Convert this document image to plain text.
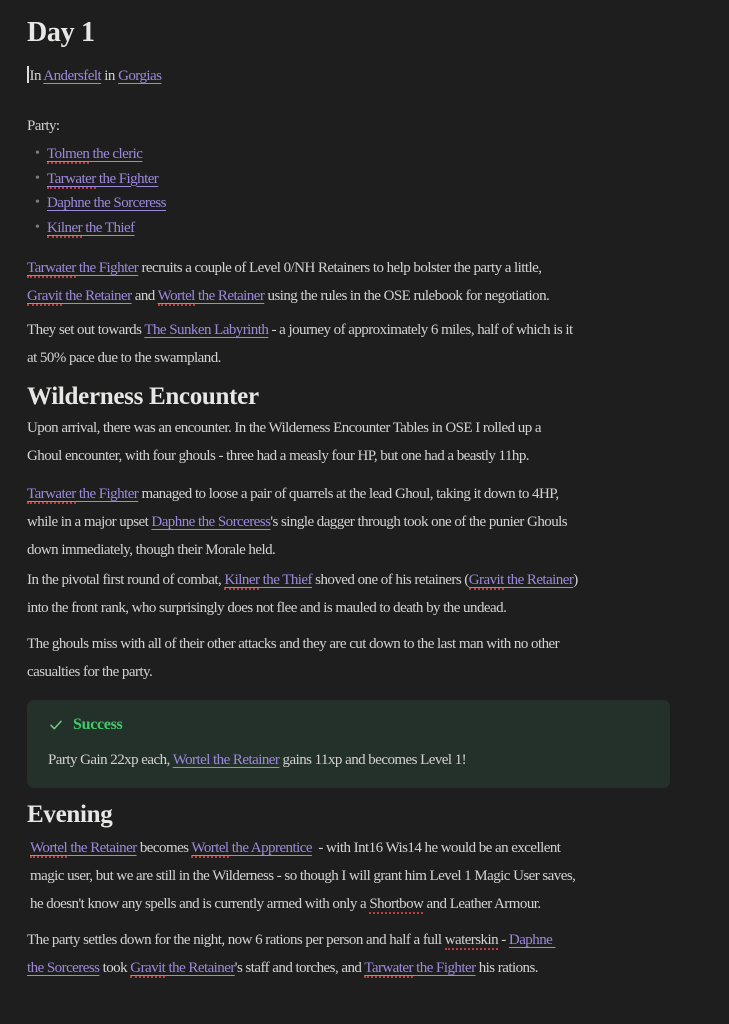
Day 1

In Andersfelt in Gorgias

Party:

• Tolmen the cleric
• Tarwater the Fighter
• Daphne the Sorceress
• Kilner the Thief

Tarwater the Fighter recruits a couple of Level 0/NH Retainers to help bolster the party a little,
Gravit the Retainer and Wortel the Retainer using the rules in the OSE rulebook for negotiation.

They set out towards The Sunken Labyrinth - a journey of approximately 6 miles, half of which is it
at 50% pace due to the swampland.

Wilderness Encounter

Upon arrival, there was an encounter. In the Wilderness Encounter Tables in OSE I rolled up a
Ghoul encounter, with four ghouls - three had a measly four HP, but one had a beastly 11hp.

Tarwater the Fighter managed to loose a pair of quarrels at the lead Ghoul, taking it down to 4HP,
while in a major upset Daphne the Sorceress's single dagger through took one of the punier Ghouls
down immediately, though their Morale held.

In the pivotal first round of combat, Kilner the Thief shoved one of his retainers (Gravit the Retainer)
into the front rank, who surprisingly does not flee and is mauled to death by the undead.

The ghouls miss with all of their other attacks and they are cut down to the last man with no other
casualties for the party.

Success

Party Gain 22xp each, Wortel the Retainer gains 11xp and becomes Level 1!

Evening

Wortel the Retainer becomes Wortel the Apprentice  - with Int16 Wis14 he would be an excellent
magic user, but we are still in the Wilderness - so though I will grant him Level 1 Magic User saves,
he doesn't know any spells and is currently armed with only a Shortbow and Leather Armour.

The party settles down for the night, now 6 rations per person and half a full waterskin - Daphne
the Sorceress took Gravit the Retainer's staff and torches, and Tarwater the Fighter his rations.
